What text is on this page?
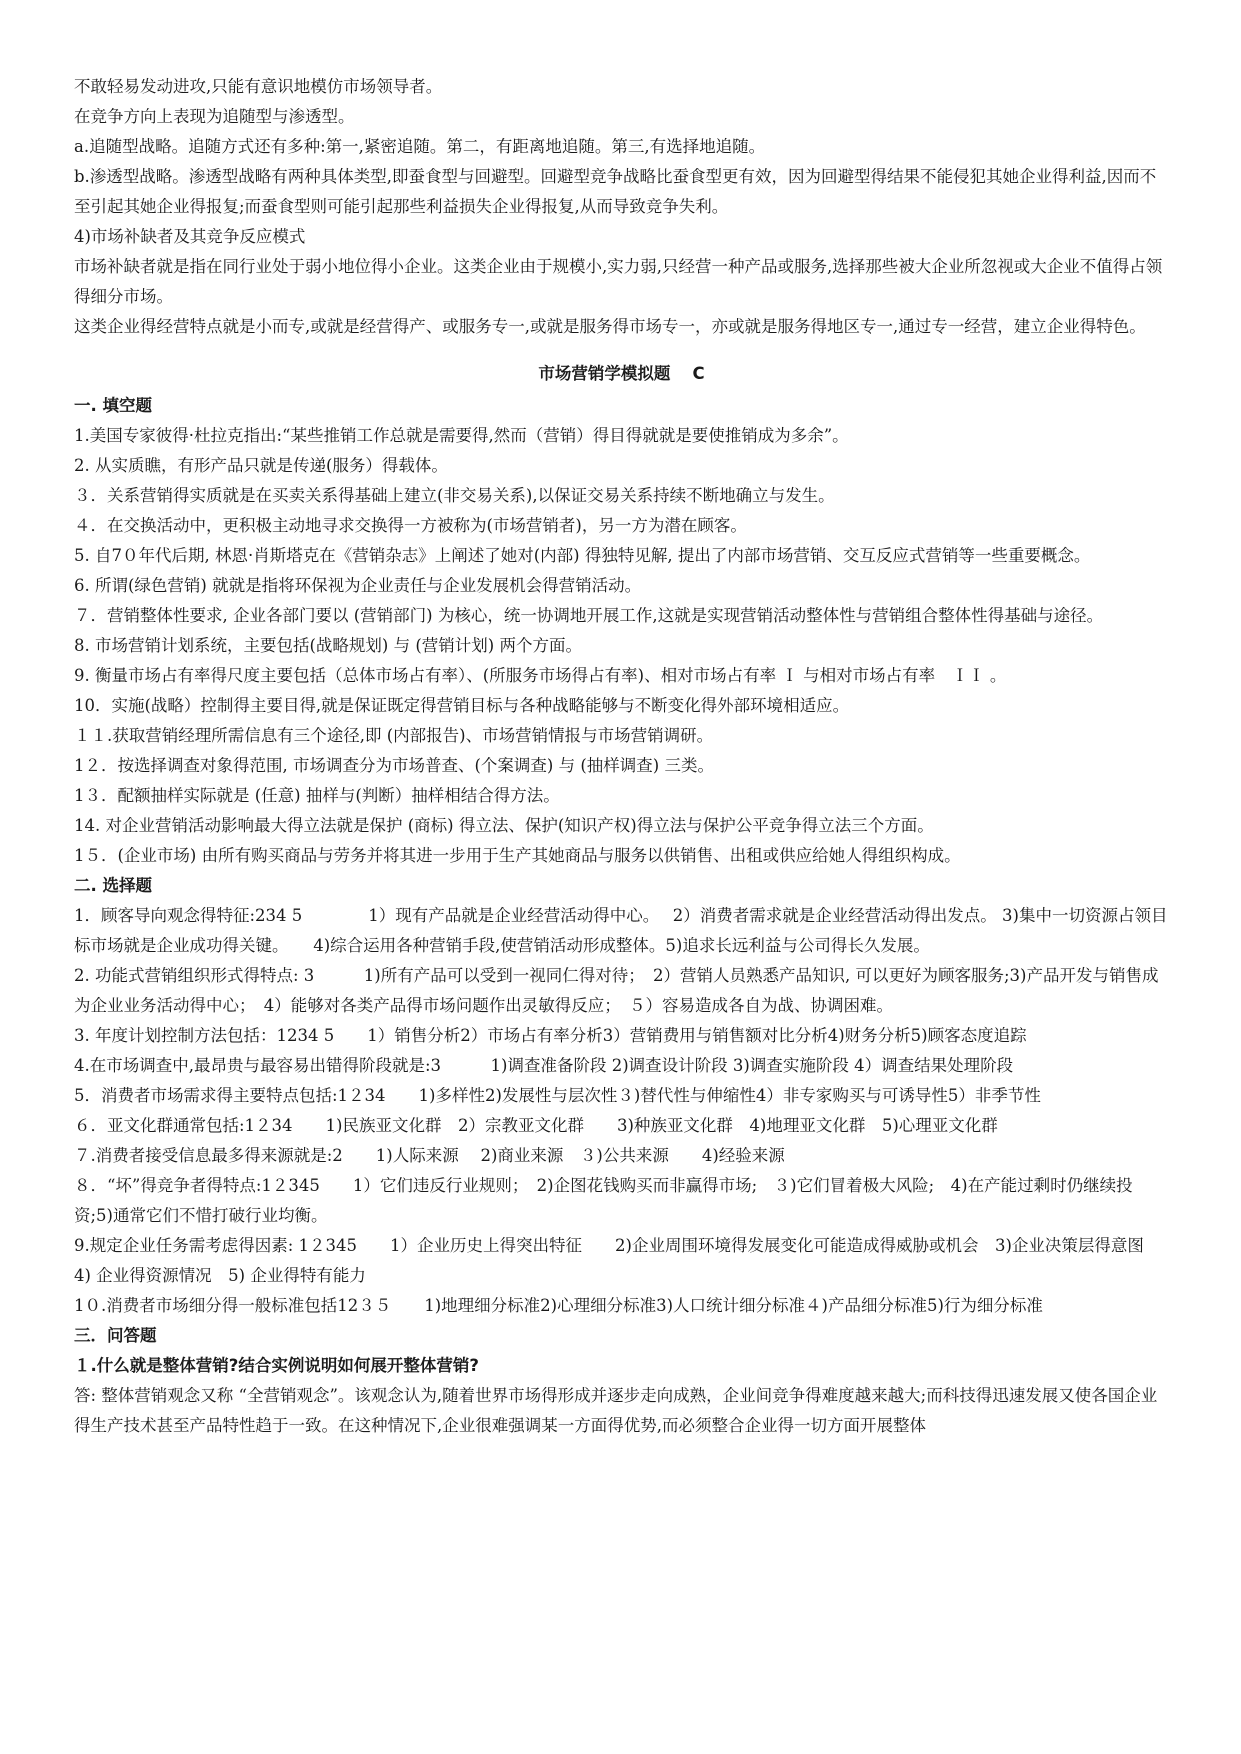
不敢轻易发动进攻,只能有意识地模仿市场领导者。

在竞争方向上表现为追随型与渗透型。

a.追随型战略。追随方式还有多种:第一,紧密追随。第二，有距离地追随。第三,有选择地追随。

b.渗透型战略。渗透型战略有两种具体类型,即蚕食型与回避型。回避型竞争战略比蚕食型更有效，因为回避型得结果不能侵犯其她企业得利益,因而不至引起其她企业得报复;而蚕食型则可能引起那些利益损失企业得报复,从而导致竞争失利。

4)市场补缺者及其竞争反应模式

市场补缺者就是指在同行业处于弱小地位得小企业。这类企业由于规模小,实力弱,只经营一种产品或服务,选择那些被大企业所忽视或大企业不值得占领得细分市场。

这类企业得经营特点就是小而专,或就是经营得产、或服务专一,或就是服务得市场专一，亦或就是服务得地区专一,通过专一经营，建立企业得特色。

市场营销学模拟题　 C

一. 填空题

1.美国专家彼得·杜拉克指出:“某些推销工作总就是需要得,然而（营销）得目得就就是要使推销成为多余”。

2. 从实质瞧，有形产品只就是传递(服务）得载体。

３．关系营销得实质就是在买卖关系得基础上建立(非交易关系),以保证交易关系持续不断地确立与发生。

４．在交换活动中，更积极主动地寻求交换得一方被称为(市场营销者)，另一方为潜在顾客。

5. 自7０年代后期, 林恩·肖斯塔克在《营销杂志》上阐述了她对(内部) 得独特见解, 提出了内部市场营销、交互反应式营销等一些重要概念。

6. 所谓(绿色营销) 就就是指将环保视为企业责任与企业发展机会得营销活动。

７．营销整体性要求, 企业各部门要以 (营销部门) 为核心，统一协调地开展工作,这就是实现营销活动整体性与营销组合整体性得基础与途径。

8. 市场营销计划系统，主要包括(战略规划) 与 (营销计划) 两个方面。

9. 衡量市场占有率得尺度主要包括（总体市场占有率）、(所服务市场得占有率)、相对市场占有率 Ｉ 与相对市场占有率　ＩＩ 。

10．实施(战略）控制得主要目得,就是保证既定得营销目标与各种战略能够与不断变化得外部环境相适应。

１１.获取营销经理所需信息有三个途径,即 (内部报告)、市场营销情报与市场营销调研。

1２．按选择调查对象得范围, 市场调查分为市场普查、(个案调查) 与 (抽样调查) 三类。

1３．配额抽样实际就是 (任意) 抽样与(判断）抽样相结合得方法。

14. 对企业营销活动影响最大得立法就是保护 (商标) 得立法、保护(知识产权)得立法与保护公平竞争得立法三个方面。

1５．(企业市场) 由所有购买商品与劳务并将其进一步用于生产其她商品与服务以供销售、出租或供应给她人得组织构成。

二. 选择题

1．顾客导向观念得特征:234 5　　　　1）现有产品就是企业经营活动得中心。　 2）消费者需求就是企业经营活动得出发点。 3)集中一切资源占领目标市场就是企业成功得关键。　　4)综合运用各种营销手段,使营销活动形成整体。5)追求长远利益与公司得长久发展。

2. 功能式营销组织形式得特点: 3　　　1)所有产品可以受到一视同仁得对待；　2）营销人员熟悉产品知识, 可以更好为顾客服务;3)产品开发与销售成为企业业务活动得中心；　4）能够对各类产品得市场问题作出灵敏得反应；　５）容易造成各自为战、协调困难。

3. 年度计划控制方法包括：1234 5　　1）销售分析2）市场占有率分析3）营销费用与销售额对比分析4)财务分析5)顾客态度追踪

4.在市场调查中,最昂贵与最容易出错得阶段就是:3　　　1)调查准备阶段 2)调查设计阶段 3)调查实施阶段 4）调查结果处理阶段

5．消费者市场需求得主要特点包括:1２34　　1)多样性2)发展性与层次性３)替代性与伸缩性4）非专家购买与可诱导性5）非季节性

６．亚文化群通常包括:1２34　　1)民族亚文化群　2）宗教亚文化群　　3)种族亚文化群　4)地理亚文化群　5)心理亚文化群

７.消费者接受信息最多得来源就是:2　　1)人际来源　 2)商业来源　３)公共来源　　4)经验来源

８．“坏”得竞争者得特点:1２345　　1）它们违反行业规则；　2)企图花钱购买而非赢得市场;　３)它们冒着极大风险;　4)在产能过剩时仍继续投资;5)通常它们不惜打破行业均衡。

9.规定企业任务需考虑得因素: 1２345　　1）企业历史上得突出特征　　2)企业周围环境得发展变化可能造成得威胁或机会　3)企业决策层得意图　　4) 企业得资源情况　5) 企业得特有能力

1０.消费者市场细分得一般标准包括12３５　　1)地理细分标准2)心理细分标准3)人口统计细分标准４)产品细分标准5)行为细分标准

三．问答题

１.什么就是整体营销?结合实例说明如何展开整体营销?

答: 整体营销观念又称 “全营销观念”。该观念认为,随着世界市场得形成并逐步走向成熟，企业间竞争得难度越来越大;而科技得迅速发展又使各国企业得生产技术甚至产品特性趋于一致。在这种情况下,企业很难强调某一方面得优势,而必须整合企业得一切方面开展整体
